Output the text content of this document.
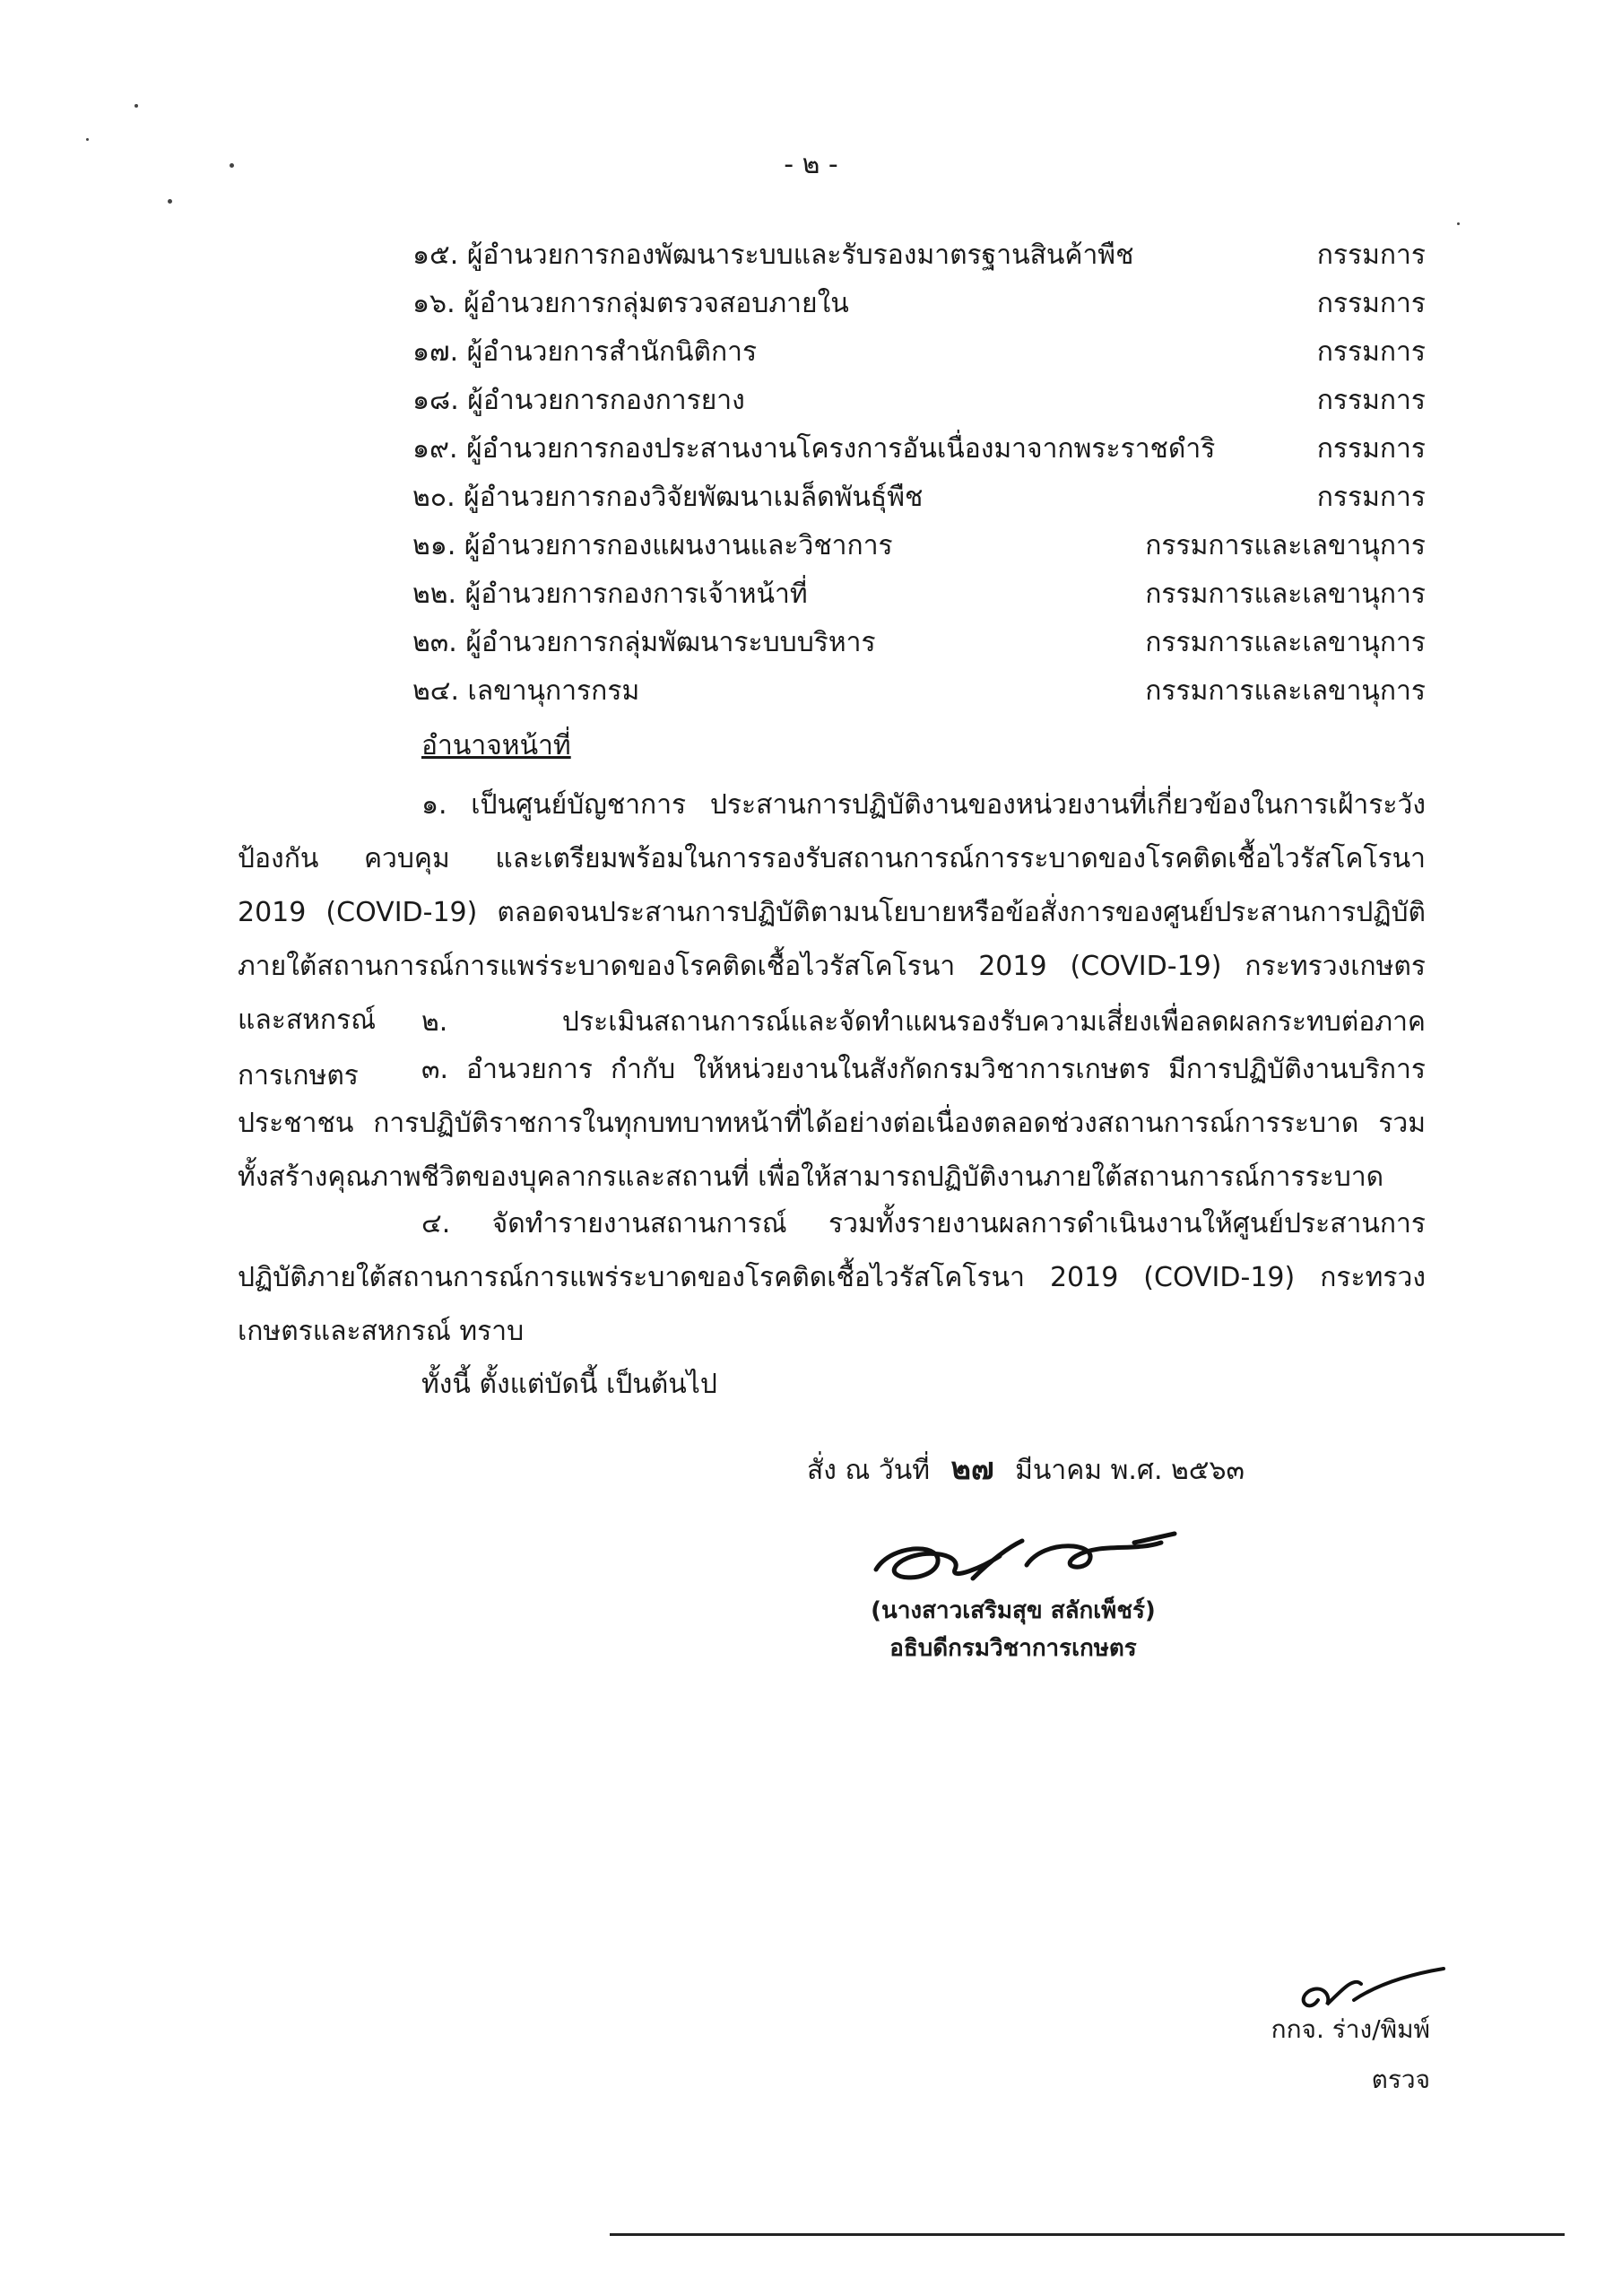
- ๒ -
๑๕. ผู้อำนวยการกองพัฒนาระบบและรับรองมาตรฐานสินค้าพืช	กรรมการ
๑๖. ผู้อำนวยการกลุ่มตรวจสอบภายใน	กรรมการ
๑๗. ผู้อำนวยการสำนักนิติการ	กรรมการ
๑๘. ผู้อำนวยการกองการยาง	กรรมการ
๑๙. ผู้อำนวยการกองประสานงานโครงการอันเนื่องมาจากพระราชดำริ	กรรมการ
๒๐. ผู้อำนวยการกองวิจัยพัฒนาเมล็ดพันธุ์พืช	กรรมการ
๒๑. ผู้อำนวยการกองแผนงานและวิชาการ	กรรมการและเลขานุการ
๒๒. ผู้อำนวยการกองการเจ้าหน้าที่	กรรมการและเลขานุการ
๒๓. ผู้อำนวยการกลุ่มพัฒนาระบบบริหาร	กรรมการและเลขานุการ
๒๔. เลขานุการกรม	กรรมการและเลขานุการ
อำนาจหน้าที่

๑. เป็นศูนย์บัญชาการ ประสานการปฏิบัติงานของหน่วยงานที่เกี่ยวข้องในการเฝ้าระวัง ป้องกัน ควบคุม และเตรียมพร้อมในการรองรับสถานการณ์การระบาดของโรคติดเชื้อไวรัสโคโรนา 2019 (COVID-19) ตลอดจนประสานการปฏิบัติตามนโยบายหรือข้อสั่งการของศูนย์ประสานการปฏิบัติภายใต้สถานการณ์การแพร่ระบาดของโรคติดเชื้อไวรัสโคโรนา 2019 (COVID-19) กระทรวงเกษตรและสหกรณ์	๒. ประเมินสถานการณ์และจัดทำแผนรองรับความเสี่ยงเพื่อลดผลกระทบต่อภาคการเกษตร	๓. อำนวยการ กำกับ ให้หน่วยงานในสังกัดกรมวิชาการเกษตร มีการปฏิบัติงานบริการประชาชน การปฏิบัติราชการในทุกบทบาทหน้าที่ได้อย่างต่อเนื่องตลอดช่วงสถานการณ์การระบาด รวมทั้งสร้างคุณภาพชีวิตของบุคลากรและสถานที่ เพื่อให้สามารถปฏิบัติงานภายใต้สถานการณ์การระบาด

๔. จัดทำรายงานสถานการณ์ รวมทั้งรายงานผลการดำเนินงานให้ศูนย์ประสานการปฏิบัติภายใต้สถานการณ์การแพร่ระบาดของโรคติดเชื้อไวรัสโคโรนา 2019 (COVID-19) กระทรวงเกษตรและสหกรณ์ ทราบ

ทั้งนี้ ตั้งแต่บัดนี้ เป็นต้นไป
สั่ง ณ วันที่ ๒๗ มีนาคม พ.ศ. ๒๕๖๓
(นางสาวเสริมสุข สลักเพ็ชร์)
อธิบดีกรมวิชาการเกษตร
กกจ. ร่าง/พิมพ์
ตรวจ
